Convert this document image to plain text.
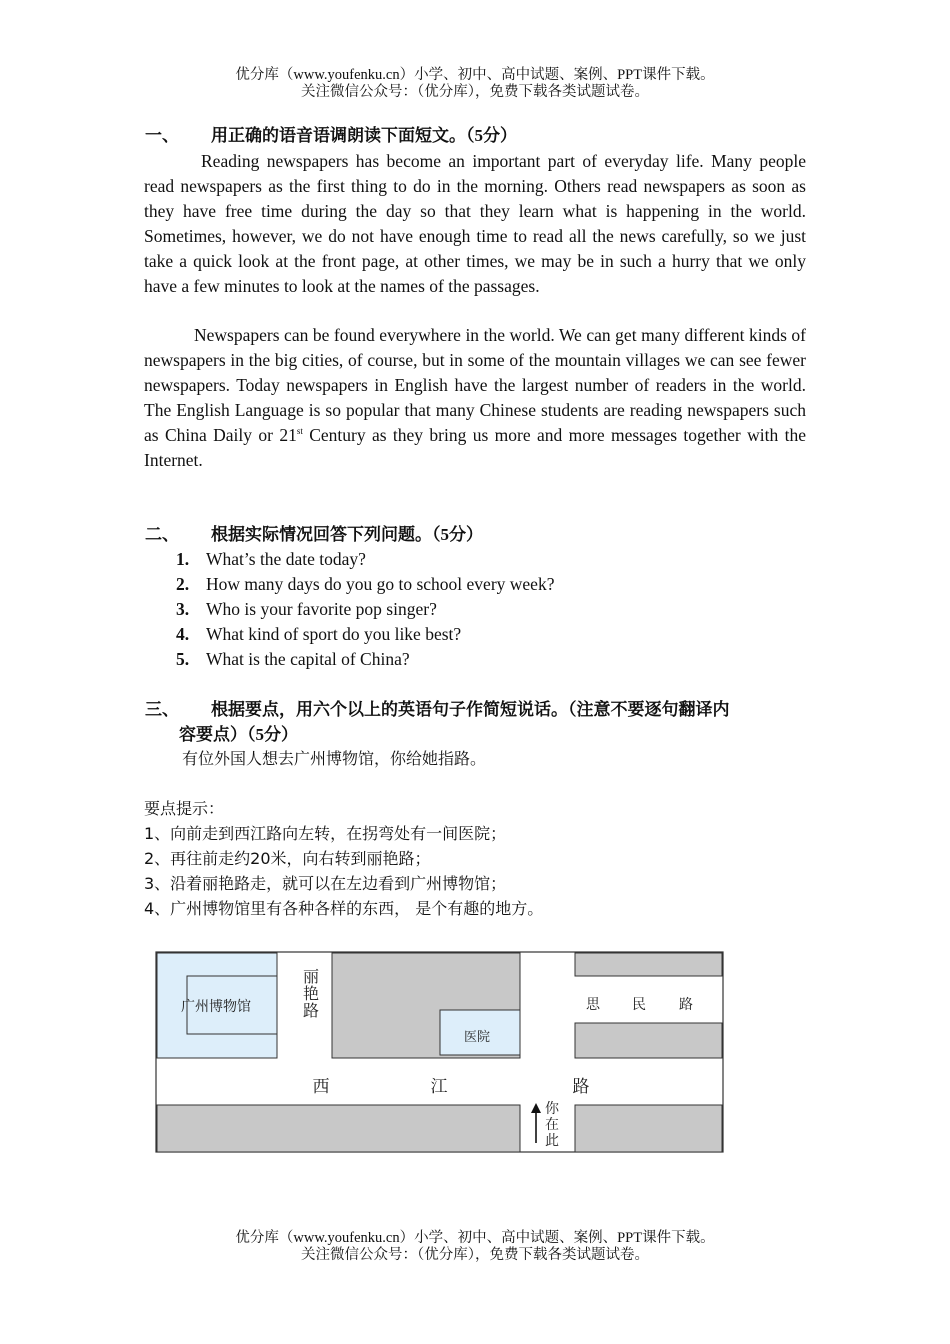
优分库（www.youfenku.cn）小学、初中、高中试题、案例、PPT课件下载。
关注微信公众号：（优分库），免费下载各类试题试卷。
一、 用正确的语音语调朗读下面短文。（5分）

Reading newspapers has become an important part of everyday life. Many people read newspapers as the first thing to do in the morning. Others read newspapers as soon as they have free time during the day so that they learn what is happening in the world. Sometimes, however, we do not have enough time to read all the news carefully, so we just take a quick look at the front page, at other times, we may be in such a hurry that we only have a few minutes to look at the names of the passages.

Newspapers can be found everywhere in the world. We can get many different kinds of newspapers in the big cities, of course, but in some of the mountain villages we can see fewer newspapers. Today newspapers in English have the largest number of readers in the world. The English Language is so popular that many Chinese students are reading newspapers such as China Daily or 21st Century as they bring us more and more messages together with the Internet.

二、 根据实际情况回答下列问题。（5分）
1. What’s the date today?
2. How many days do you go to school every week?
3. Who is your favorite pop singer?
4. What kind of sport do you like best?
5. What is the capital of China?
三、 根据要点，用六个以上的英语句子作简短说话。（注意不要逐句翻译内
容要点）（5分）
有位外国人想去广州博物馆，你给她指路。
要点提示：
1、向前走到西江路向左转，在拐弯处有一间医院；
2、再往前走约20米，向右转到丽艳路；
3、沿着丽艳路走，就可以在左边看到广州博物馆；
4、广州博物馆里有各种各样的东西， 是个有趣的地方。
广州博物馆
医院
丽
艳
路	思 民 路
西	江	路
你
在
此
优分库（www.youfenku.cn）小学、初中、高中试题、案例、PPT课件下载。
关注微信公众号：（优分库），免费下载各类试题试卷。
